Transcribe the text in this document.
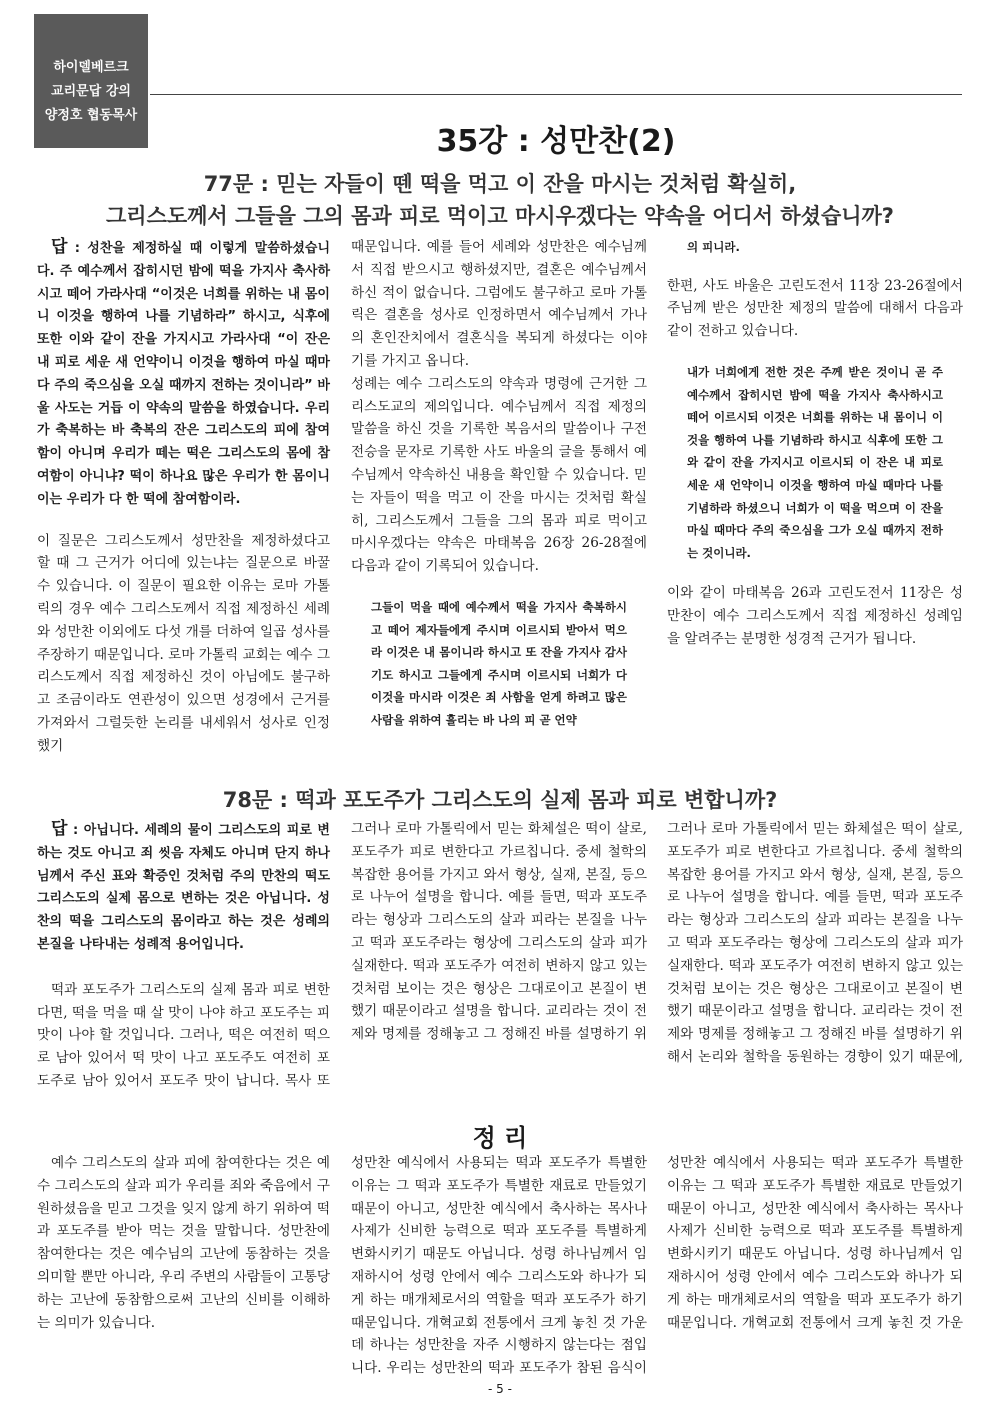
하이델베르크
교리문답 강의
양정호 협동목사
35강 : 성만찬(2)
77문 : 믿는 자들이 뗀 떡을 먹고 이 잔을 마시는 것처럼 확실히,
그리스도께서 그들을 그의 몸과 피로 먹이고 마시우겠다는 약속을 어디서 하셨습니까?

답 : 성찬을 제정하실 때 이렇게 말씀하셨습니다. 주 예수께서 잡히시던 밤에 떡을 가지사 축사하시고 떼어 가라사대 “이것은 너희를 위하는 내 몸이니 이것을 행하여 나를 기념하라” 하시고, 식후에 또한 이와 같이 잔을 가지시고 가라사대 “이 잔은 내 피로 세운 새 언약이니 이것을 행하여 마실 때마다 주의 죽으심을 오실 때까지 전하는 것이니라” 바울 사도는 거듭 이 약속의 말씀을 하였습니다. 우리가 축복하는 바 축복의 잔은 그리스도의 피에 참여함이 아니며 우리가 떼는 떡은 그리스도의 몸에 참여함이 아니냐? 떡이 하나요 많은 우리가 한 몸이니 이는 우리가 다 한 떡에 참여함이라.

이 질문은 그리스도께서 성만찬을 제정하셨다고 할 때 그 근거가 어디에 있는냐는 질문으로 바꿀 수 있습니다. 이 질문이 필요한 이유는 로마 가톨릭의 경우 예수 그리스도께서 직접 제정하신 세례와 성만찬 이외에도 다섯 개를 더하여 일곱 성사를 주장하기 때문입니다. 로마 가톨릭 교회는 예수 그리스도께서 직접 제정하신 것이 아님에도 불구하고 조금이라도 연관성이 있으면 성경에서 근거를 가져와서 그럴듯한 논리를 내세워서 성사로 인정했기

때문입니다. 예를 들어 세례와 성만찬은 예수님께서 직접 받으시고 행하셨지만, 결혼은 예수님께서 하신 적이 없습니다. 그럼에도 불구하고 로마 가톨릭은 결혼을 성사로 인정하면서 예수님께서 가나의 혼인잔치에서 결혼식을 복되게 하셨다는 이야기를 가지고 옵니다.

성례는 예수 그리스도의 약속과 명령에 근거한 그리스도교의 제의입니다. 예수님께서 직접 제정의 말씀을 하신 것을 기록한 복음서의 말씀이나 구전전승을 문자로 기록한 사도 바울의 글을 통해서 예수님께서 약속하신 내용을 확인할 수 있습니다. 믿는 자들이 떡을 먹고 이 잔을 마시는 것처럼 확실히, 그리스도께서 그들을 그의 몸과 피로 먹이고 마시우겠다는 약속은 마태복음 26장 26-28절에 다음과 같이 기록되어 있습니다.

그들이 먹을 때에 예수께서 떡을 가지사 축복하시고 떼어 제자들에게 주시며 이르시되 받아서 먹으라 이것은 내 몸이니라 하시고 또 잔을 가지사 감사 기도 하시고 그들에게 주시며 이르시되 너희가 다 이것을 마시라 이것은 죄 사함을 얻게 하려고 많은 사람을 위하여 흘리는 바 나의 피 곧 언약

의 피니라.

한편, 사도 바울은 고린도전서 11장 23-26절에서 주님께 받은 성만찬 제정의 말씀에 대해서 다음과 같이 전하고 있습니다.

내가 너희에게 전한 것은 주께 받은 것이니 곧 주 예수께서 잡히시던 밤에 떡을 가지사 축사하시고 떼어 이르시되 이것은 너희를 위하는 내 몸이니 이것을 행하여 나를 기념하라 하시고 식후에 또한 그와 같이 잔을 가지시고 이르시되 이 잔은 내 피로 세운 새 언약이니 이것을 행하여 마실 때마다 나를 기념하라 하셨으니 너희가 이 떡을 먹으며 이 잔을 마실 때마다 주의 죽으심을 그가 오실 때까지 전하는 것이니라.

이와 같이 마태복음 26과 고린도전서 11장은 성만찬이 예수 그리스도께서 직접 제정하신 성례임을 알려주는 분명한 성경적 근거가 됩니다.

78문 : 떡과 포도주가 그리스도의 실제 몸과 피로 변합니까?

답 : 아닙니다. 세례의 물이 그리스도의 피로 변하는 것도 아니고 죄 씻음 자체도 아니며 단지 하나님께서 주신 표와 확증인 것처럼 주의 만찬의 떡도 그리스도의 실제 몸으로 변하는 것은 아닙니다. 성찬의 떡을 그리스도의 몸이라고 하는 것은 성례의 본질을 나타내는 성례적 용어입니다.

떡과 포도주가 그리스도의 실제 몸과 피로 변한다면, 떡을 먹을 때 살 맛이 나야 하고 포도주는 피 맛이 나야 할 것입니다. 그러나, 떡은 여전히 떡으로 남아 있어서 떡 맛이 나고 포도주도 여전히 포도주로 남아 있어서 포도주 맛이 납니다. 목사 또

그러나 로마 가톨릭에서 믿는 화체설은 떡이 살로, 포도주가 피로 변한다고 가르칩니다. 중세 철학의 복잡한 용어를 가지고 와서 형상, 실재, 본질, 등으로 나누어 설명을 합니다. 예를 들면, 떡과 포도주라는 형상과 그리스도의 살과 피라는 본질을 나누고 떡과 포도주라는 형상에 그리스도의 살과 피가 실재한다. 떡과 포도주가 여전히 변하지 않고 있는 것처럼 보이는 것은 형상은 그대로이고 본질이 변했기 때문이라고 설명을 합니다. 교리라는 것이 전제와 명제를 정해놓고 그 정해진 바를 설명하기 위

그러나 로마 가톨릭에서 믿는 화체설은 떡이 살로, 포도주가 피로 변한다고 가르칩니다. 중세 철학의 복잡한 용어를 가지고 와서 형상, 실재, 본질, 등으로 나누어 설명을 합니다. 예를 들면, 떡과 포도주라는 형상과 그리스도의 살과 피라는 본질을 나누고 떡과 포도주라는 형상에 그리스도의 살과 피가 실재한다. 떡과 포도주가 여전히 변하지 않고 있는 것처럼 보이는 것은 형상은 그대로이고 본질이 변했기 때문이라고 설명을 합니다. 교리라는 것이 전제와 명제를 정해놓고 그 정해진 바를 설명하기 위해서 논리와 철학을 동원하는 경향이 있기 때문에,

정 리

예수 그리스도의 살과 피에 참여한다는 것은 예수 그리스도의 살과 피가 우리를 죄와 죽음에서 구원하셨음을 믿고 그것을 잊지 않게 하기 위하여 떡과 포도주를 받아 먹는 것을 말합니다. 성만찬에 참여한다는 것은 예수님의 고난에 동참하는 것을 의미할 뿐만 아니라, 우리 주변의 사람들이 고통당하는 고난에 동참함으로써 고난의 신비를 이해하는 의미가 있습니다.

성만찬 예식에서 사용되는 떡과 포도주가 특별한 이유는 그 떡과 포도주가 특별한 재료로 만들었기 때문이 아니고, 성만찬 예식에서 축사하는 목사나 사제가 신비한 능력으로 떡과 포도주를 특별하게 변화시키기 때문도 아닙니다. 성령 하나님께서 임재하시어 성령 안에서 예수 그리스도와 하나가 되게 하는 매개체로서의 역할을 떡과 포도주가 하기 때문입니다. 개혁교회 전통에서 크게 놓친 것 가운데 하나는 성만찬을 자주 시행하지 않는다는 점입니다. 우리는 성만찬의 떡과 포도주가 참된 음식이

성만찬 예식에서 사용되는 떡과 포도주가 특별한 이유는 그 떡과 포도주가 특별한 재료로 만들었기 때문이 아니고, 성만찬 예식에서 축사하는 목사나 사제가 신비한 능력으로 떡과 포도주를 특별하게 변화시키기 때문도 아닙니다. 성령 하나님께서 임재하시어 성령 안에서 예수 그리스도와 하나가 되게 하는 매개체로서의 역할을 떡과 포도주가 하기 때문입니다. 개혁교회 전통에서 크게 놓친 것 가운

- 5 -
